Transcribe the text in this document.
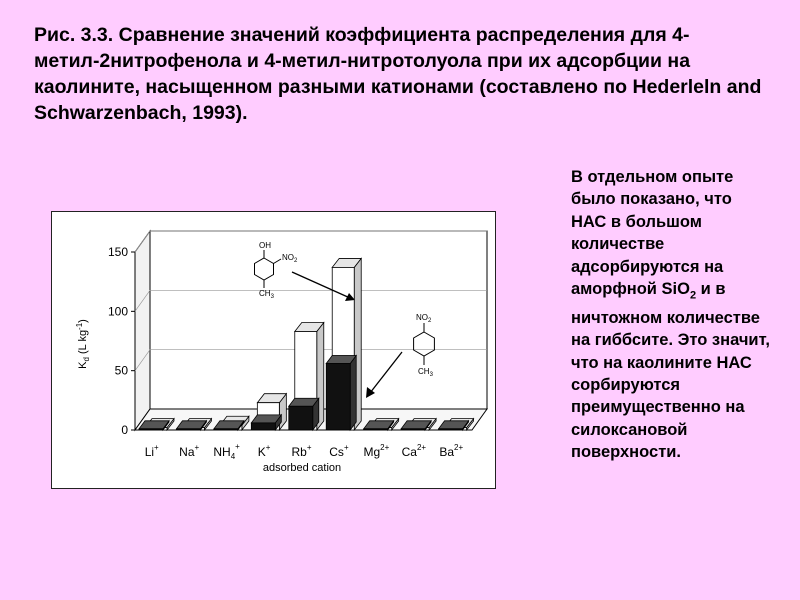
Рис. 3.3. Сравнение значений коэффициента распределения для 4-метил-2нитрофенола и 4-метил-нитротолуола при их адсорбции на каолините, насыщенном разными катионами (составлено по Hederleln and Schwarzenbach, 1993).
В отдельном опыте было показано, что НАС в большом количестве адсорбируются на аморфной SiO$_2$ и в ничтожном количестве на гиббсите. Это значит, что на каолините НАС сорбируются преимущественно на силоксановой поверхности.
0
50
100
150
Li+ Na+ $NH_4^+$ K+ Rb+ Cs+ $Mg^{2+}$ $Ca^{2+}$ $Ba^{2+}$
adsorbed cation
$K_d$ (L $kg^{-1}$)
OH
$NO_2$
$CH_3$
$NO_2$
$CH_3$
